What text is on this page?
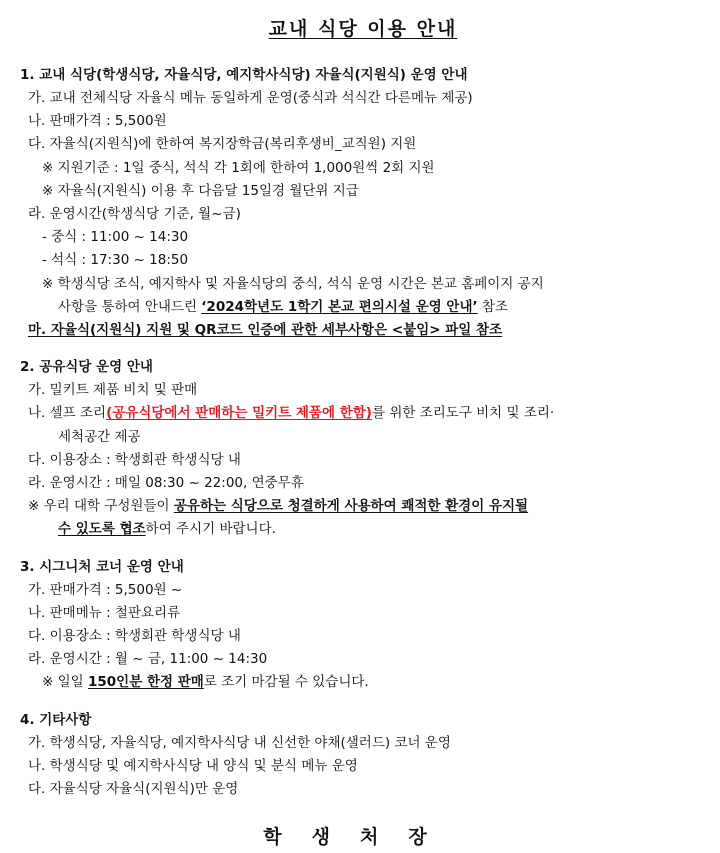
교내 식당 이용 안내
1. 교내 식당(학생식당, 자율식당, 예지학사식당) 자율식(지원식) 운영 안내
가. 교내 전체식당 자율식 메뉴 동일하게 운영(중식과 석식간 다른메뉴 제공)
나. 판매가격 : 5,500원
다. 자율식(지원식)에 한하여 복지장학금(복리후생비_교직원) 지원
※ 지원기준 : 1일 중식, 석식 각 1회에 한하여 1,000원씩 2회 지원
※ 자율식(지원식) 이용 후 다음달 15일경 월단위 지급
라. 운영시간(학생식당 기준, 월~금)
- 중식 : 11:00 ~ 14:30
- 석식 : 17:30 ~ 18:50
※ 학생식당 조식, 예지학사 및 자율식당의 중식, 석식 운영 시간은 본교 홈페이지 공지
사항을 통하여 안내드린 ‘2024학년도 1학기 본교 편의시설 운영 안내’ 참조
마. 자율식(지원식) 지원 및 QR코드 인증에 관한 세부사항은 <붙임> 파일 참조
2. 공유식당 운영 안내
가. 밀키트 제품 비치 및 판매
나. 셀프 조리(공유식당에서 판매하는 밀키트 제품에 한함)를 위한 조리도구 비치 및 조리·
세척공간 제공
다. 이용장소 : 학생회관 학생식당 내
라. 운영시간 : 매일 08:30 ~ 22:00, 연중무휴
※ 우리 대학 구성원들이 공유하는 식당으로 청결하게 사용하여 쾌적한 환경이 유지될
수 있도록 협조하여 주시기 바랍니다.
3. 시그니처 코너 운영 안내
가. 판매가격 : 5,500원 ~
나. 판매메뉴 : 철판요리류
다. 이용장소 : 학생회관 학생식당 내
라. 운영시간 : 월 ~ 금, 11:00 ~ 14:30
※ 일일 150인분 한정 판매로 조기 마감될 수 있습니다.
4. 기타사항
가. 학생식당, 자율식당, 예지학사식당 내 신선한 야채(샐러드) 코너 운영
나. 학생식당 및 예지학사식당 내 양식 및 분식 메뉴 운영
다. 자율식당 자율식(지원식)만 운영
학생처장
